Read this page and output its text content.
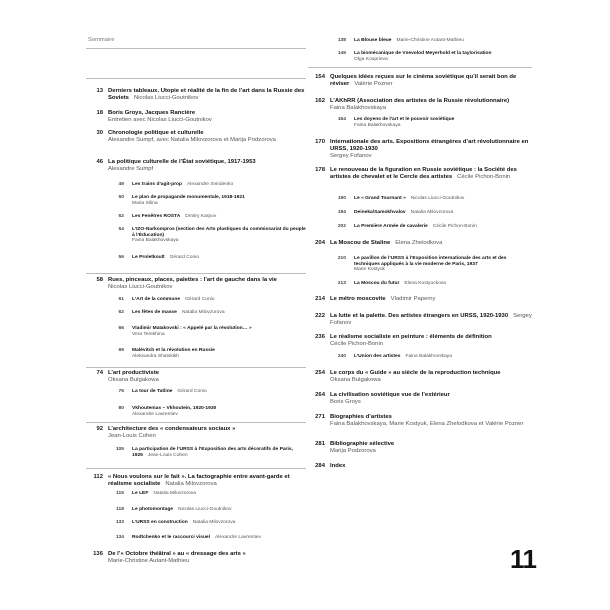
Sommaire
13 Derniers tableaux. Utopie et réalité de la fin de l’art dans la Russie des Soviets Nicolas Liucci-Goutnikov
18 Boris Groys, Jacques Rancière
Entretien avec Nicolas Liucci-Goutnikov
30 Chronologie politique et culturelle
Alexandre Sumpf, avec Natalia Milovzorova et Marija Podzorova
46 La politique culturelle de l’État soviétique, 1917-1953
Alexandre Sumpf
49 Les trains d’agit-prop Alexandre Sviridenko
50 Le plan de propagande monumentale, 1918-1921
Maria Silina
52 Les Fenêtres ROSTA Dmitry Karpov
54 L’IZO-Narkompros (section des Arts plastiques du commissariat du peuple à l’Éducation)
Faina Balakhovskaya
56 Le Proletkoult Gérard Conio
58 Rues, pinceaux, places, palettes : l’art de gauche dans la vie
Nicolas Liucci-Goutnikov
61 L’Art de la commune Gérard Conio
62 Les fêtes de masse Natalia Milovzorova
66 Vladimir Maïakovski : « Appelé par la révolution… »
Vera Terekhina
69 Malévitch et la révolution en Russie
Aleksandra Shatskikh
74 L’art productiviste
Oksana Bulgakowa
76 La tour de Tatline Gérard Conio
80 Vkhoutemas – Vkhoutein, 1920-1930
Alexandre Lavrentiev
92 L’architecture des « condensateurs sociaux »
Jean-Louis Cohen
105 La participation de l’URSS à l’Exposition des arts décoratifs de Paris, 1925 Jean-Louis Cohen
112 « Nous voulons sur le fait ». La factographie entre avant-garde et réalisme socialiste Natalia Milovzorova
115 Le LEF Natalia Milovzorova
118 Le photomontage Nicolas Liucci-Goutnikov
133 L’URSS en construction Natalia Milovzorova
134 Rodtchenko et le raccourci visuel Alexandre Lavrentiev
136 De l’« Octobre théâtral » au « dressage des arts »
Marie-Christine Autant-Mathieu
138 La Blouse bleue Marie-Christine Autant-Mathieu
145 La biomécanique de Vsevolod Meyerhold et la taylorisation
Olga Kouprieva
154 Quelques idées reçues sur le cinéma soviétique qu’il serait bon de réviser Valérie Pozner
162 L’AKhRR (Association des artistes de la Russie révolutionnaire)
Faina Balakhovskaya
164 Les doyens de l’art et le pouvoir soviétique
Faina Balakhovskaya
170 Internationale des arts. Expositions étrangères d’art révolutionnaire en URSS, 1920-1930
Sergey Fofanov
178 Le renouveau de la figuration en Russie soviétique : la Société des artistes de chevalet et le Cercle des artistes Cécile Pichon-Bonin
190 Le « Grand Tournant » Nicolas Liucci-Goutnikov
194 Deineka/Samokhvalov Natalia Milovzorova
202 La Première Armée de cavalerie Cécile Pichon-Bonin
204 La Moscou de Staline Elena Zhelodkova
210 Le pavillon de l’URSS à l’Exposition internationale des arts et des techniques appliqués à la vie moderne de Paris, 1937
Marie Kostyuk
213 La Moscou du futur Elena Kostyuckova
214 Le métro moscovite Vladimir Paperny
222 La lutte et la palette. Des artistes étrangers en URSS, 1920-1930 Sergey Fofanov
236 Le réalisme socialiste en peinture : éléments de définition
Cécile Pichon-Bonin
240 L’Union des artistes Faina Balakhovskaya
254 Le corps du « Guide » au siècle de la reproduction technique
Oksana Bulgakowa
264 La civilisation soviétique vue de l’extérieur
Boris Groys
271 Biographies d’artistes
Faina Balakhovskaya, Marie Kostyuk, Elena Zhelodkova et Valérie Pozner
281 Bibliographie sélective
Marija Podzorova
284 Index
11
